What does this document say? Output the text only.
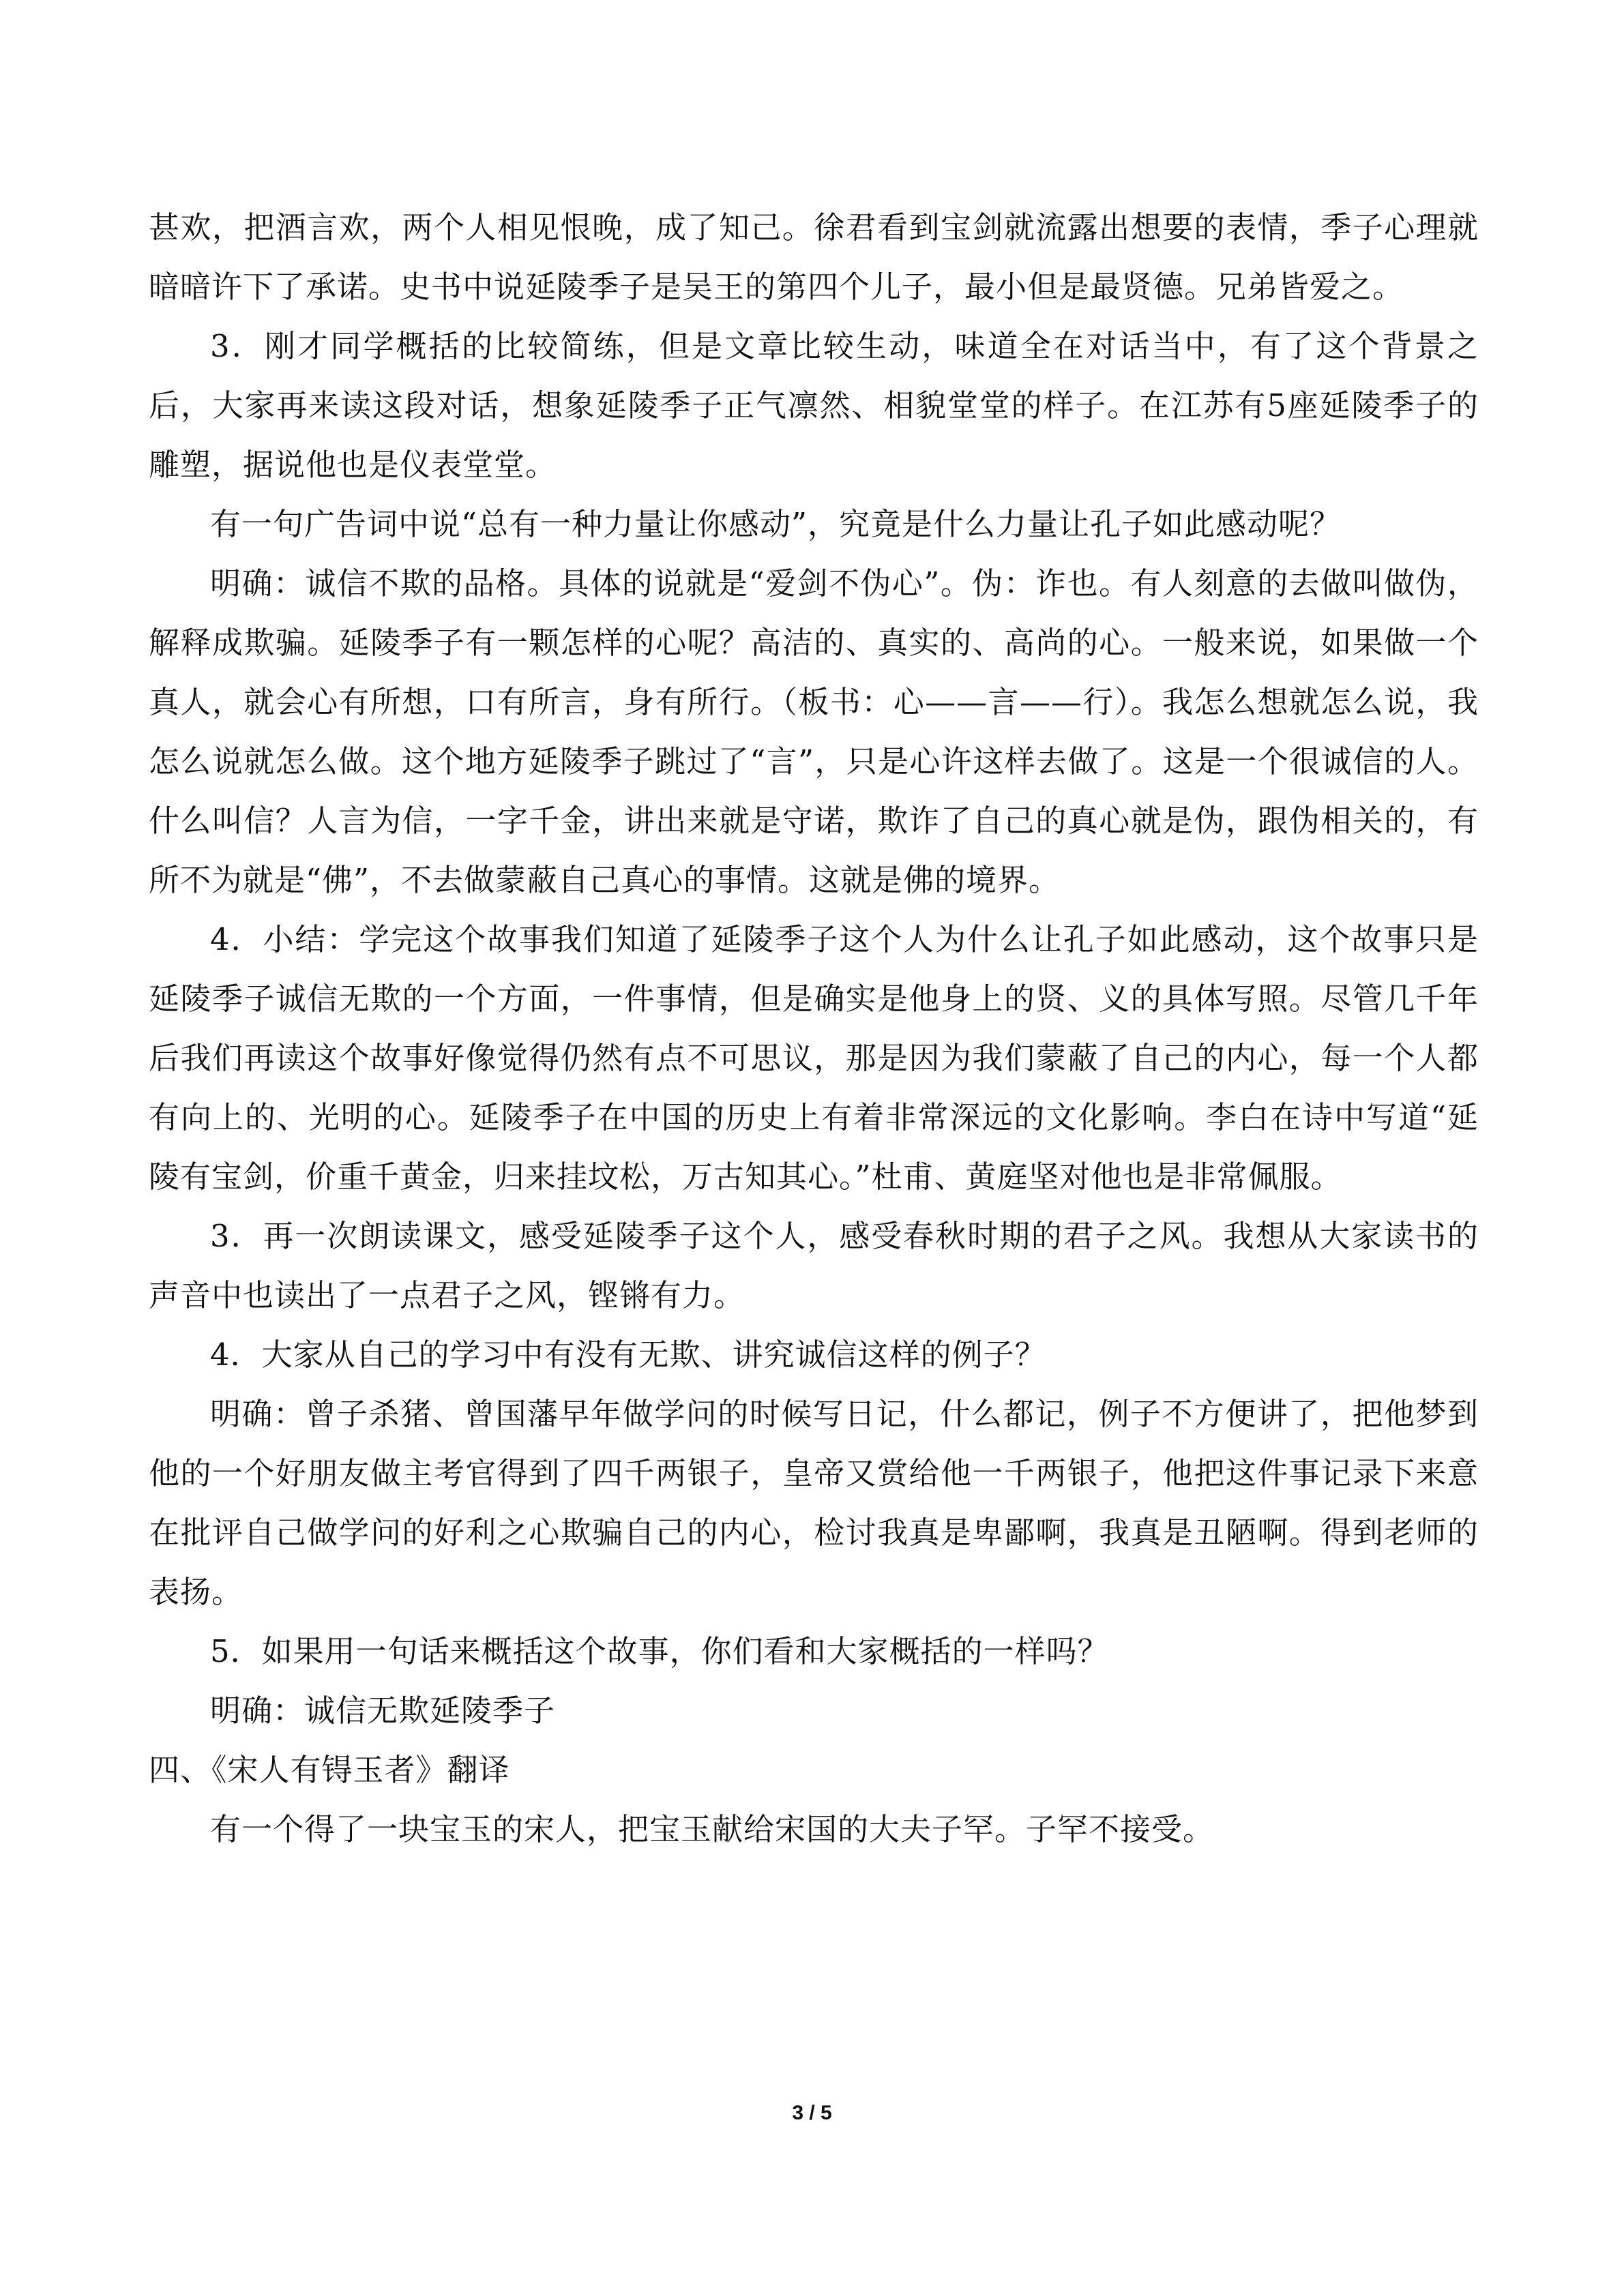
甚欢，把酒言欢，两个人相见恨晚，成了知己。徐君看到宝剑就流露出想要的表情，季子心理就暗暗许下了承诺。史书中说延陵季子是吴王的第四个儿子，最小但是最贤德。兄弟皆爱之。

3．刚才同学概括的比较简练，但是文章比较生动，味道全在对话当中，有了这个背景之后，大家再来读这段对话，想象延陵季子正气凛然、相貌堂堂的样子。在江苏有5座延陵季子的雕塑，据说他也是仪表堂堂。

有一句广告词中说“总有一种力量让你感动”，究竟是什么力量让孔子如此感动呢？

明确：诚信不欺的品格。具体的说就是“爱剑不伪心”。伪：诈也。有人刻意的去做叫做伪，解释成欺骗。延陵季子有一颗怎样的心呢？高洁的、真实的、高尚的心。一般来说，如果做一个真人，就会心有所想，口有所言，身有所行。（板书：心——言——行）。我怎么想就怎么说，我怎么说就怎么做。这个地方延陵季子跳过了“言”，只是心许这样去做了。这是一个很诚信的人。什么叫信？人言为信，一字千金，讲出来就是守诺，欺诈了自己的真心就是伪，跟伪相关的，有所不为就是“佛”，不去做蒙蔽自己真心的事情。这就是佛的境界。

4．小结：学完这个故事我们知道了延陵季子这个人为什么让孔子如此感动，这个故事只是延陵季子诚信无欺的一个方面，一件事情，但是确实是他身上的贤、义的具体写照。尽管几千年后我们再读这个故事好像觉得仍然有点不可思议，那是因为我们蒙蔽了自己的内心，每一个人都有向上的、光明的心。延陵季子在中国的历史上有着非常深远的文化影响。李白在诗中写道“延陵有宝剑，价重千黄金，归来挂坟松，万古知其心。”杜甫、黄庭坚对他也是非常佩服。

3．再一次朗读课文，感受延陵季子这个人，感受春秋时期的君子之风。我想从大家读书的声音中也读出了一点君子之风，铿锵有力。

4．大家从自己的学习中有没有无欺、讲究诚信这样的例子？

明确：曾子杀猪、曾国藩早年做学问的时候写日记，什么都记，例子不方便讲了，把他梦到他的一个好朋友做主考官得到了四千两银子，皇帝又赏给他一千两银子，他把这件事记录下来意在批评自己做学问的好利之心欺骗自己的内心，检讨我真是卑鄙啊，我真是丑陋啊。得到老师的表扬。

5．如果用一句话来概括这个故事，你们看和大家概括的一样吗？

明确：诚信无欺延陵季子

四、《宋人有锝玉者》翻译

有一个得了一块宝玉的宋人，把宝玉献给宋国的大夫子罕。子罕不接受。

3 / 5
